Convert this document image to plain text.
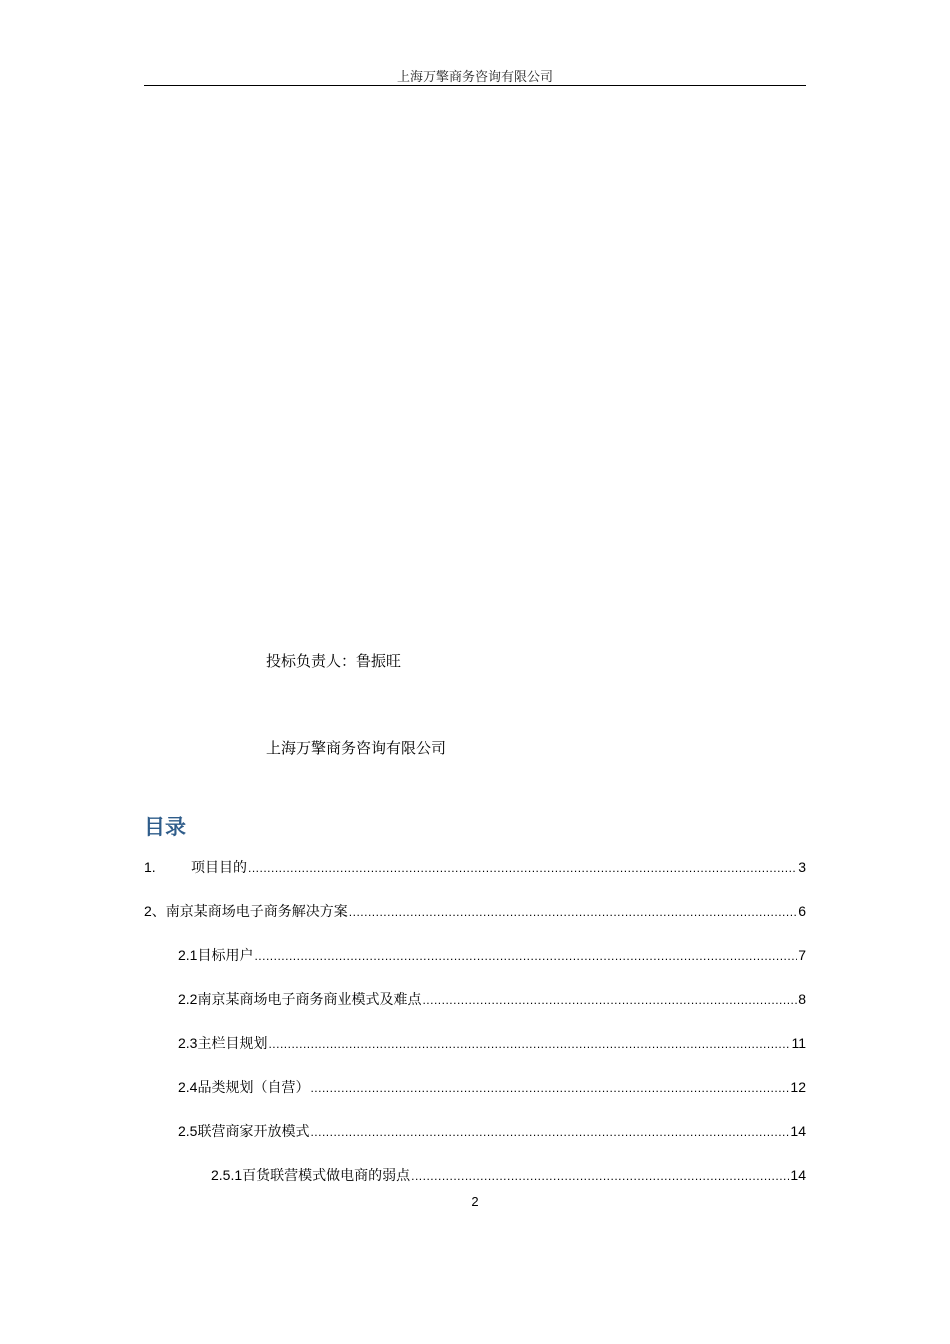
上海万擎商务咨询有限公司
投标负责人：鲁振旺
上海万擎商务咨询有限公司
目录
1.	项目目的 .....	3
2、 南京某商场电子商务解决方案 .....	6
2.1 目标用户 .....	7
2.2 南京某商场电子商务商业模式及难点 .....	8
2.3 主栏目规划 .....	11
2.4 品类规划（自营） .....	12
2.5 联营商家开放模式 .....	14
2.5.1 百货联营模式做电商的弱点 .....	14
2
